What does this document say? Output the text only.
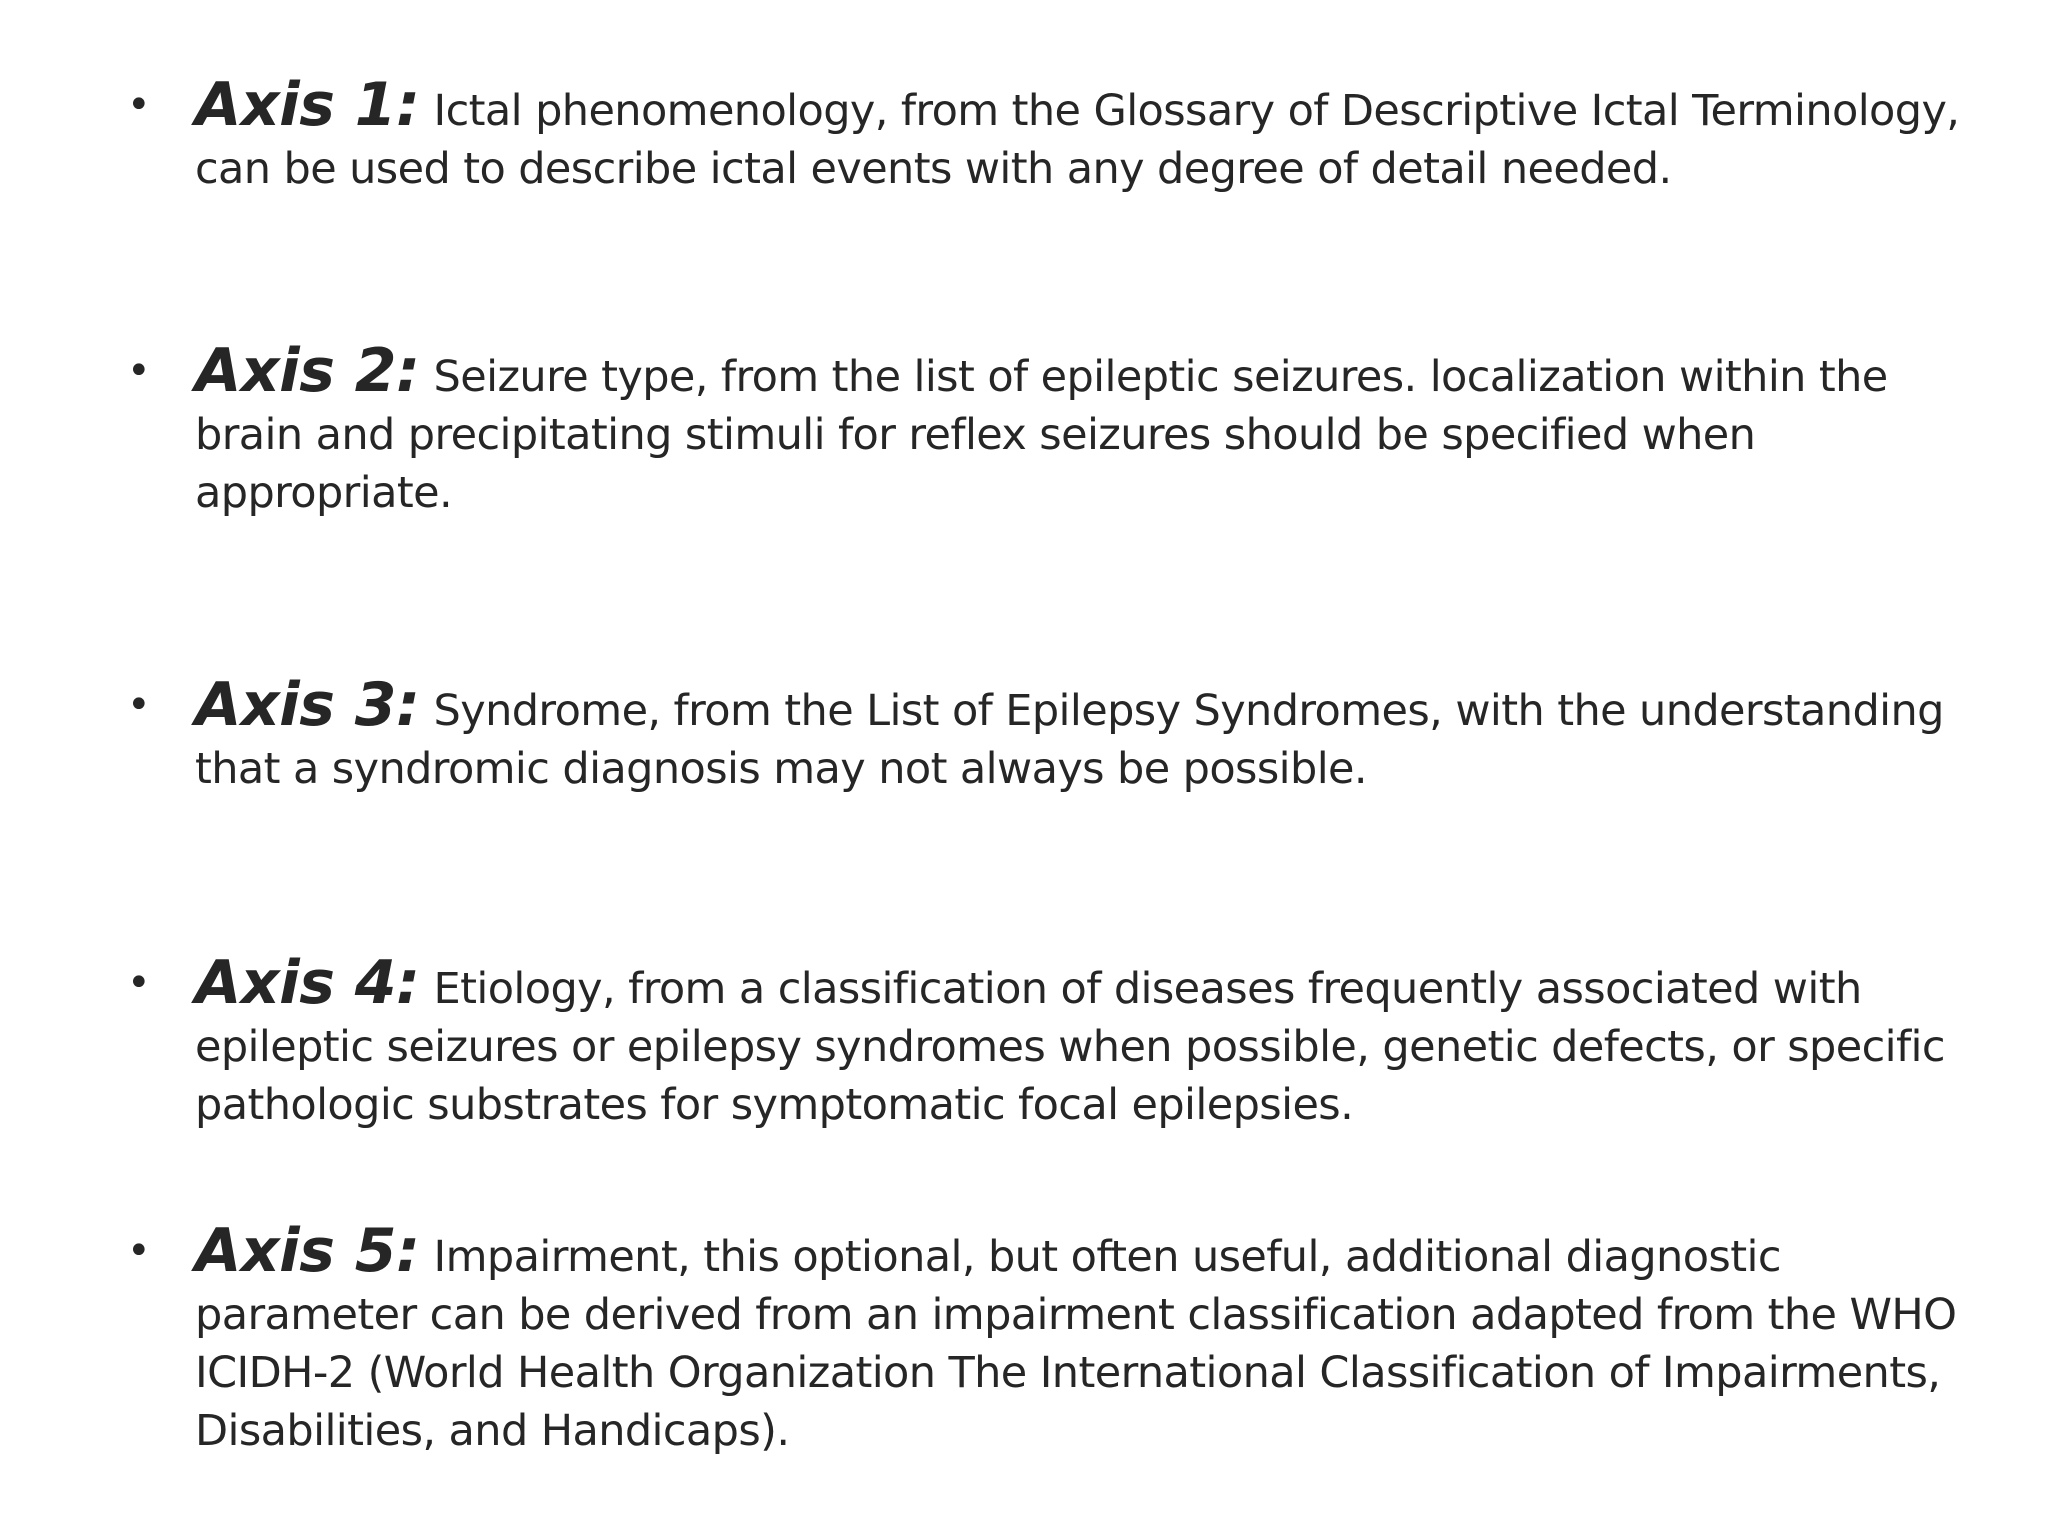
• Axis 1: Ictal phenomenology, from the Glossary of Descriptive Ictal Terminology, can be used to describe ictal events with any degree of detail needed.
• Axis 2: Seizure type, from the list of epileptic seizures. localization within the brain and precipitating stimuli for reflex seizures should be specified when appropriate.
• Axis 3: Syndrome, from the List of Epilepsy Syndromes, with the understanding that a syndromic diagnosis may not always be possible.
• Axis 4: Etiology, from a classification of diseases frequently associated with epileptic seizures or epilepsy syndromes when possible, genetic defects, or specific pathologic substrates for symptomatic focal epilepsies.
• Axis 5: Impairment, this optional, but often useful, additional diagnostic parameter can be derived from an impairment classification adapted from the WHO ICIDH-2 (World Health Organization The International Classification of Impairments, Disabilities, and Handicaps).
